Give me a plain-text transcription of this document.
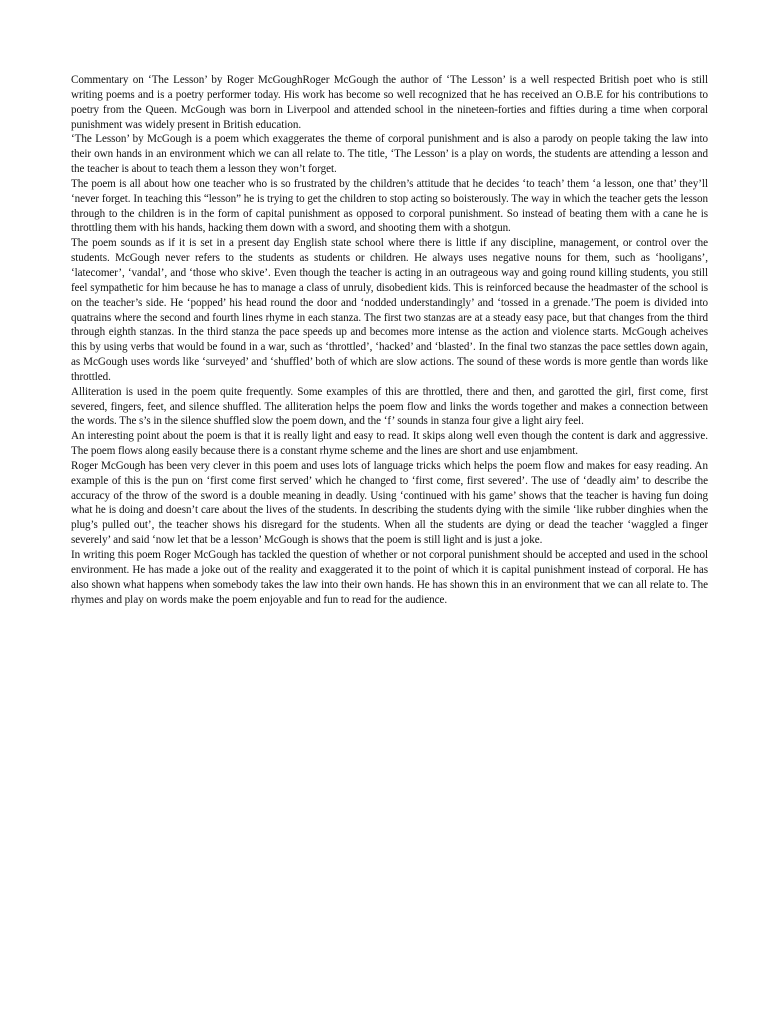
Commentary on ‘The Lesson’ by Roger McGoughRoger McGough the author of ‘The Lesson’ is a well respected British poet who is still writing poems and is a poetry performer today. His work has become so well recognized that he has received an O.B.E for his contributions to poetry from the Queen. McGough was born in Liverpool and attended school in the nineteen-forties and fifties during a time when corporal punishment was widely present in British education.

‘The Lesson’ by McGough is a poem which exaggerates the theme of corporal punishment and is also a parody on people taking the law into their own hands in an environment which we can all relate to. The title, ‘The Lesson’ is a play on words, the students are attending a lesson and the teacher is about to teach them a lesson they won’t forget.

The poem is all about how one teacher who is so frustrated by the children’s attitude that he decides ‘to teach’ them ‘a lesson, one that’ they’ll ‘never forget. In teaching this “lesson” he is trying to get the children to stop acting so boisterously. The way in which the teacher gets the lesson through to the children is in the form of capital punishment as opposed to corporal punishment. So instead of beating them with a cane he is throttling them with his hands, hacking them down with a sword, and shooting them with a shotgun.

The poem sounds as if it is set in a present day English state school where there is little if any discipline, management, or control over the students. McGough never refers to the students as students or children. He always uses negative nouns for them, such as ‘hooligans’, ‘latecomer’, ‘vandal’, and ‘those who skive’. Even though the teacher is acting in an outrageous way and going round killing students, you still feel sympathetic for him because he has to manage a class of unruly, disobedient kids. This is reinforced because the headmaster of the school is on the teacher’s side. He ‘popped’ his head round the door and ‘nodded understandingly’ and ‘tossed in a grenade.’The poem is divided into quatrains where the second and fourth lines rhyme in each stanza. The first two stanzas are at a steady easy pace, but that changes from the third through eighth stanzas. In the third stanza the pace speeds up and becomes more intense as the action and violence starts. McGough acheives this by using verbs that would be found in a war, such as ‘throttled’, ‘hacked’ and ‘blasted’. In the final two stanzas the pace settles down again, as McGough uses words like ‘surveyed’ and ‘shuffled’ both of which are slow actions. The sound of these words is more gentle than words like throttled.

Alliteration is used in the poem quite frequently. Some examples of this are throttled, there and then, and garotted the girl, first come, first severed, fingers, feet, and silence shuffled. The alliteration helps the poem flow and links the words together and makes a connection between the words. The s’s in the silence shuffled slow the poem down, and the ‘f’ sounds in stanza four give a light airy feel.

An interesting point about the poem is that it is really light and easy to read. It skips along well even though the content is dark and aggressive. The poem flows along easily because there is a constant rhyme scheme and the lines are short and use enjambment.

Roger McGough has been very clever in this poem and uses lots of language tricks which helps the poem flow and makes for easy reading. An example of this is the pun on ‘first come first served’ which he changed to ‘first come, first severed’. The use of ‘deadly aim’ to describe the accuracy of the throw of the sword is a double meaning in deadly. Using ‘continued with his game’ shows that the teacher is having fun doing what he is doing and doesn’t care about the lives of the students. In describing the students dying with the simile ‘like rubber dinghies when the plug’s pulled out’, the teacher shows his disregard for the students. When all the students are dying or dead the teacher ‘waggled a finger severely’ and said ‘now let that be a lesson’ McGough is shows that the poem is still light and is just a joke.

In writing this poem Roger McGough has tackled the question of whether or not corporal punishment should be accepted and used in the school environment. He has made a joke out of the reality and exaggerated it to the point of which it is capital punishment instead of corporal. He has also shown what happens when somebody takes the law into their own hands. He has shown this in an environment that we can all relate to. The rhymes and play on words make the poem enjoyable and fun to read for the audience.
